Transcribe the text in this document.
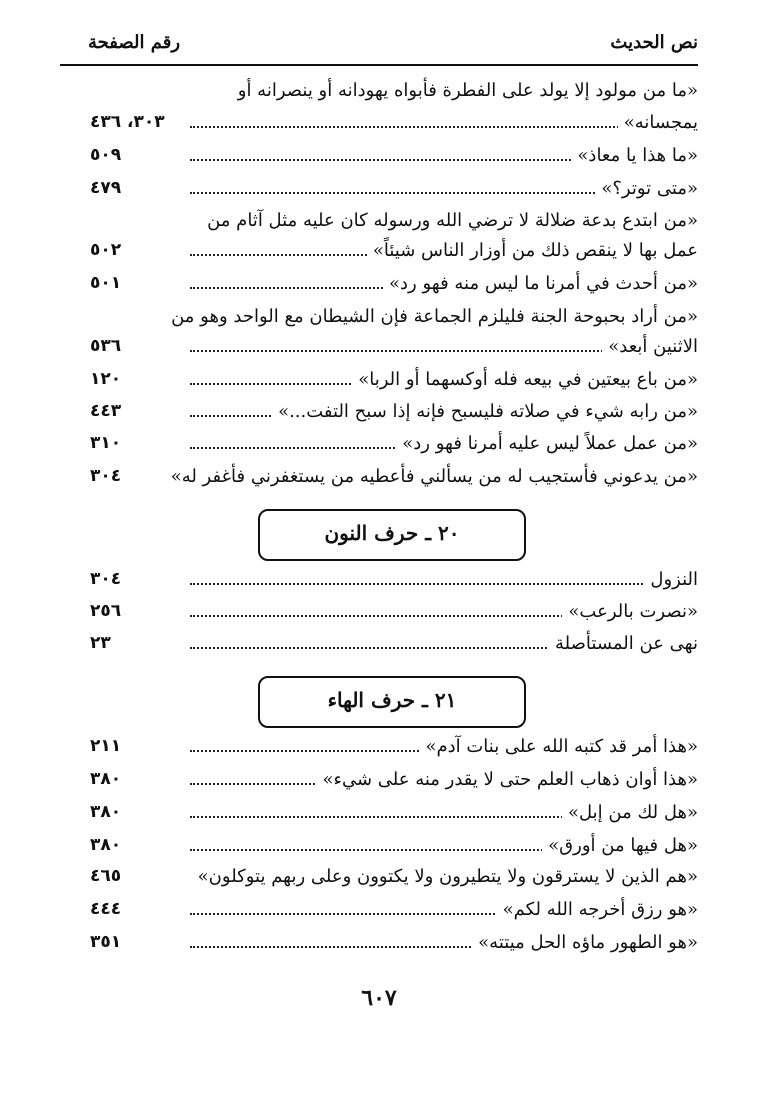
نص الحديث
رقم الصفحة
«ما من مولود إلا يولد على الفطرة فأبواه يهودانه أو ينصرانه أو
يمجسانه»
٣٠٣، ٤٣٦
«ما هذا يا معاذ»
٥٠٩
«متى توتر؟»
٤٧٩
«من ابتدع بدعة ضلالة لا ترضي الله ورسوله كان عليه مثل آثام من
عمل بها لا ينقص ذلك من أوزار الناس شيئاً»
٥٠٢
«من أحدث في أمرنا ما ليس منه فهو رد»
٥٠١
«من أراد بحبوحة الجنة فليلزم الجماعة فإن الشيطان مع الواحد وهو من
الاثنين أبعد»
٥٣٦
«من باع بيعتين في بيعه فله أوكسهما أو الربا»
١٢٠
«من رابه شيء في صلاته فليسبح فإنه إذا سبح التفت...»
٤٤٣
«من عمل عملاً ليس عليه أمرنا فهو رد»
٣١٠
«من يدعوني فأستجيب له من يسألني فأعطيه من يستغفرني فأغفر له»
٣٠٤
٢٠ ـ حرف النون
النزول
٣٠٤
«نصرت بالرعب»
٢٥٦
نهى عن المستأصلة
٢٣
٢١ ـ حرف الهاء
«هذا أمر قد كتبه الله على بنات آدم»
٢١١
«هذا أوان ذهاب العلم حتى لا يقدر منه على شيء»
٣٨٠
«هل لك من إبل»
٣٨٠
«هل فيها من أورق»
٣٨٠
«هم الذين لا يسترقون ولا يتطيرون ولا يكتوون وعلى ربهم يتوكلون»
٤٦٥
«هو رزق أخرجه الله لكم»
٤٤٤
«هو الطهور ماؤه الحل ميتته»
٣٥١
٦٠٧
